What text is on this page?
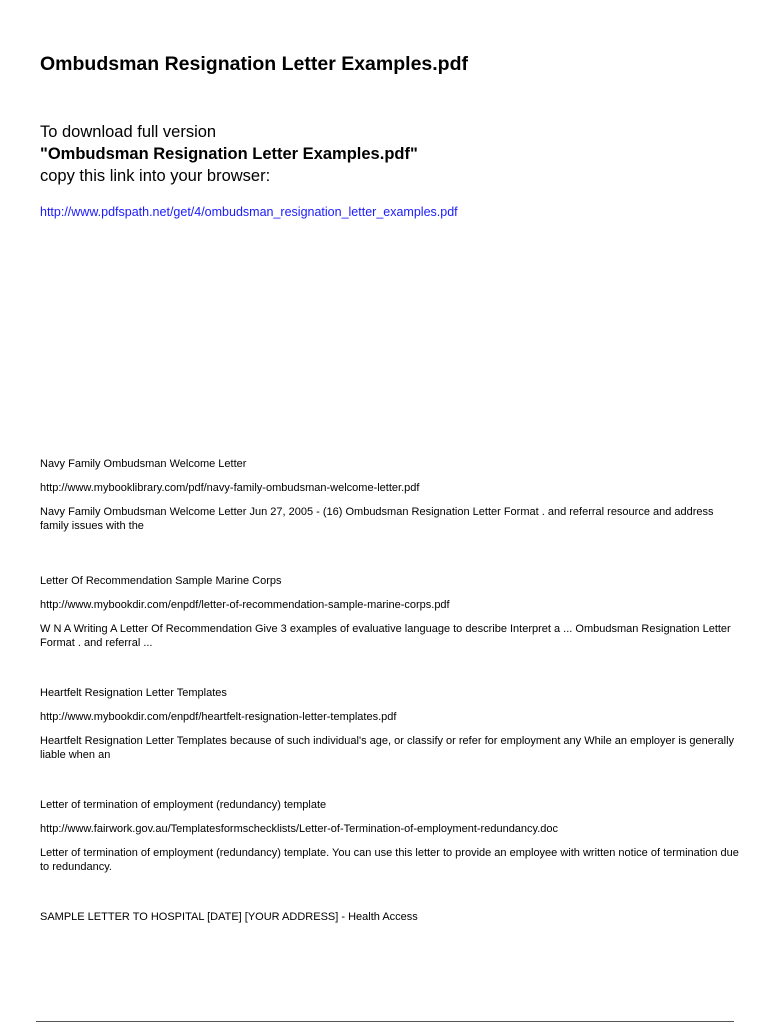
Ombudsman Resignation Letter Examples.pdf
To download full version
"Ombudsman Resignation Letter Examples.pdf"
copy this link into your browser:
http://www.pdfspath.net/get/4/ombudsman_resignation_letter_examples.pdf
Navy Family Ombudsman Welcome Letter
http://www.mybooklibrary.com/pdf/navy-family-ombudsman-welcome-letter.pdf
Navy Family Ombudsman Welcome Letter Jun 27, 2005 - (16) Ombudsman Resignation Letter Format . and referral resource and address family issues with the
Letter Of Recommendation Sample Marine Corps
http://www.mybookdir.com/enpdf/letter-of-recommendation-sample-marine-corps.pdf
W N A Writing A Letter Of Recommendation Give 3 examples of evaluative language to describe Interpret a ... Ombudsman Resignation Letter Format . and referral ...
Heartfelt Resignation Letter Templates
http://www.mybookdir.com/enpdf/heartfelt-resignation-letter-templates.pdf
Heartfelt Resignation Letter Templates because of such individual's age, or classify or refer for employment any While an employer is generally liable when an
Letter of termination of employment (redundancy) template
http://www.fairwork.gov.au/Templatesformschecklists/Letter-of-Termination-of-employment-redundancy.doc
Letter of termination of employment (redundancy) template. You can use this letter to provide an employee with written notice of termination due to redundancy.
SAMPLE LETTER TO HOSPITAL [DATE] [YOUR ADDRESS] - Health Access
